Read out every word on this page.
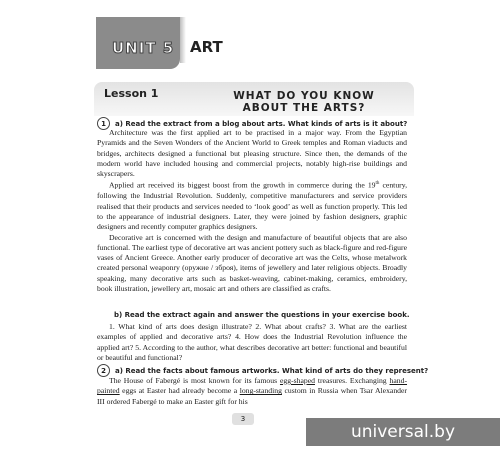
UNIT 5 ART
Lesson 1	WHAT DO YOU KNOW
ABOUT THE ARTS?
1	a) Read the extract from a blog about arts. What kinds of arts is it about?

Architecture was the first applied art to be practised in a major way. From the Egyptian Pyramids and the Seven Wonders of the Ancient World to Greek temples and Roman viaducts and bridges, architects designed a functional but pleasing structure. Since then, the demands of the modern world have included housing and commercial projects, notably high-rise buildings and skyscrapers.

Applied art received its biggest boost from the growth in commerce during the 19th century, following the Industrial Revolution. Suddenly, competitive manufacturers and service providers realised that their products and services needed to ‘look good’ as well as function properly. This led to the appearance of industrial designers. Later, they were joined by fashion designers, graphic designers and recently computer graphics designers.

Decorative art is concerned with the design and manufacture of beautiful objects that are also functional. The earliest type of decorative art was ancient pottery such as black-figure and red-figure vases of Ancient Greece. Another early producer of decorative art was the Celts, whose metalwork created personal weaponry (оружие / зброя), items of jewellery and later religious objects. Broadly speaking, many decorative arts such as basket-weaving, cabinet-making, ceramics, embroidery, book illustration, jewellery art, mosaic art and others are classified as crafts.

b) Read the extract again and answer the questions in your exercise book.

1. What kind of arts does design illustrate? 2. What about crafts? 3. What are the earliest examples of applied and decorative arts? 4. How does the Industrial Revolution influence the applied art? 5. According to the author, what describes decorative art better: functional and beautiful or beautiful and functional?

2	a) Read the facts about famous artworks. What kind of arts do they represent?

The House of Fabergé is most known for its famous egg-shaped treasures. Exchanging hand-painted eggs at Easter had already become a long-standing custom in Russia when Tsar Alexander III ordered Fabergé to make an Easter gift for his

3
universal.by
